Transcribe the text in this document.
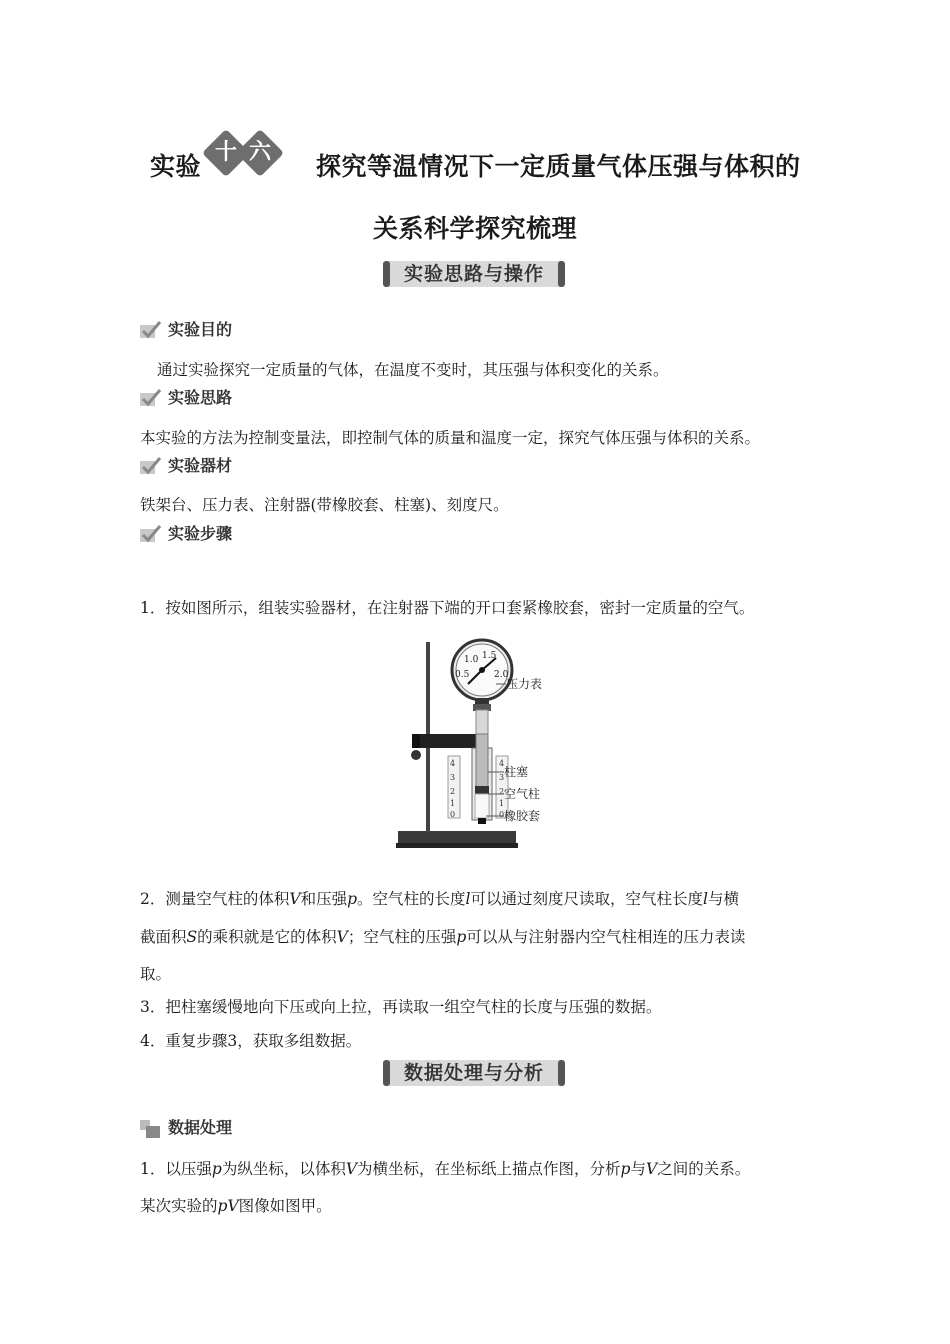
实验 十 六 探究等温情况下一定质量气体压强与体积的
关系科学探究梳理
实验思路与操作
实验目的
通过实验探究一定质量的气体，在温度不变时，其压强与体积变化的关系。
实验思路
本实验的方法为控制变量法，即控制气体的质量和温度一定，探究气体压强与体积的关系。
实验器材
铁架台、压力表、注射器(带橡胶套、柱塞)、刻度尺。
实验步骤
1．按如图所示，组装实验器材，在注射器下端的开口套紧橡胶套，密封一定质量的空气。
1.0 1.5
0.5	2.0
4
3
2
1
0
4
3
2
1
0
压力表
柱塞
空气柱
橡胶套
2．测量空气柱的体积V和压强p。空气柱的长度l可以通过刻度尺读取，空气柱长度l与横
截面积S的乘积就是它的体积V；空气柱的压强p可以从与注射器内空气柱相连的压力表读
取。
3．把柱塞缓慢地向下压或向上拉，再读取一组空气柱的长度与压强的数据。
4．重复步骤3，获取多组数据。
数据处理与分析
数据处理
1．以压强p为纵坐标，以体积V为横坐标，在坐标纸上描点作图，分析p与V之间的关系。
某次实验的pV图像如图甲。
